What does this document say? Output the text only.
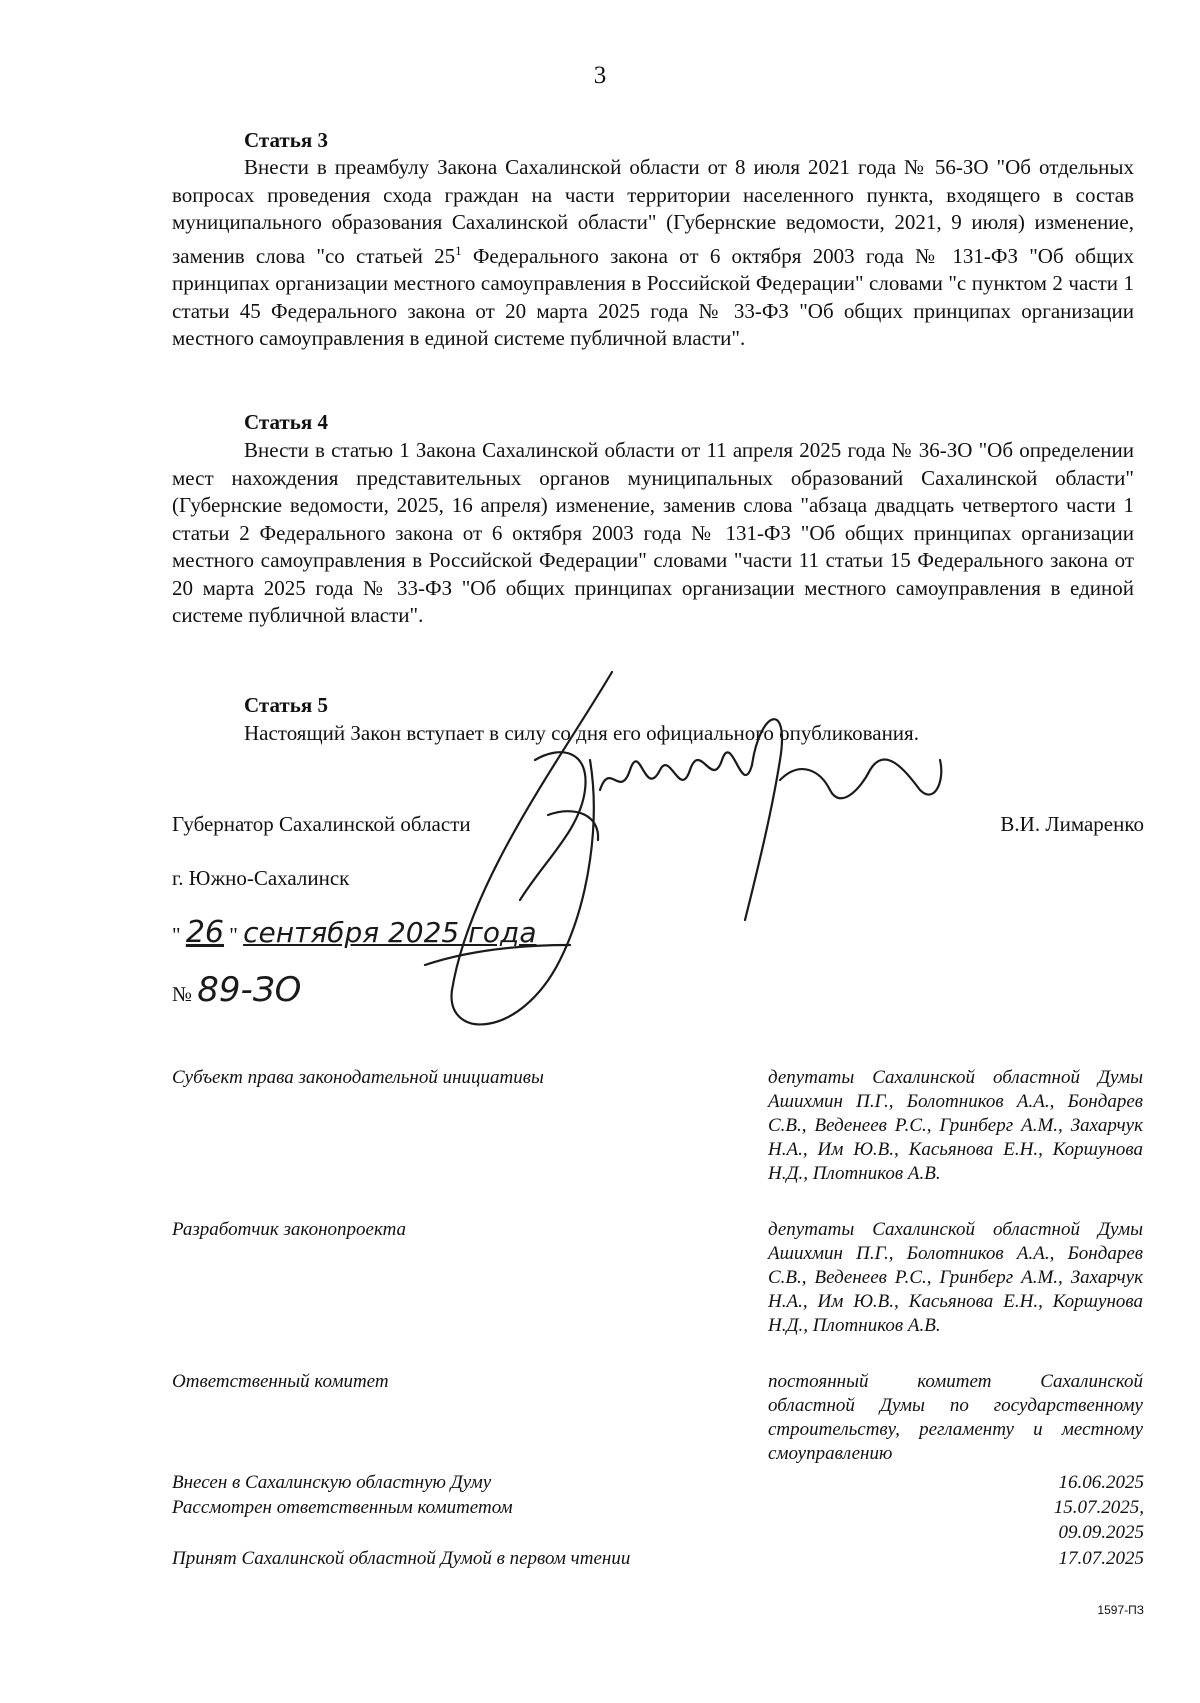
3
Статья 3

Внести в преамбулу Закона Сахалинской области от 8 июля 2021 года № 56-ЗО "Об отдельных вопросах проведения схода граждан на части территории населенного пункта, входящего в состав муниципального образования Сахалинской области" (Губернские ведомости, 2021, 9 июля) изменение, заменив слова "со статьей $25^1$ Федерального закона от 6 октября 2003 года № 131-ФЗ "Об общих принципах организации местного самоуправления в Российской Федерации" словами "с пунктом 2 части 1 статьи 45 Федерального закона от 20 марта 2025 года № 33-ФЗ "Об общих принципах организации местного самоуправления в единой системе публичной власти".

Статья 4

Внести в статью 1 Закона Сахалинской области от 11 апреля 2025 года № 36-ЗО "Об определении мест нахождения представительных органов муниципальных образований Сахалинской области" (Губернские ведомости, 2025, 16 апреля) изменение, заменив слова "абзаца двадцать четвертого части 1 статьи 2 Федерального закона от 6 октября 2003 года № 131-ФЗ "Об общих принципах организации местного самоуправления в Российской Федерации" словами "части 11 статьи 15 Федерального закона от 20 марта 2025 года № 33-ФЗ "Об общих принципах организации местного самоуправления в единой системе публичной власти".

Статья 5

Настоящий Закон вступает в силу со дня его официального опубликования.

Губернатор Сахалинской области	В.И. Лимаренко
г. Южно-Сахалинск
" 26 " сентября 2025 года
№ 89-ЗО
Субъект права законодательной инициативы	депутаты Сахалинской областной Думы Ашихмин П.Г., Болотников А.А., Бондарев С.В., Веденеев Р.С., Гринберг А.М., Захарчук Н.А., Им Ю.В., Касьянова Е.Н., Коршунова Н.Д., Плотников А.В.

Разработчик законопроекта	депутаты Сахалинской областной Думы Ашихмин П.Г., Болотников А.А., Бондарев С.В., Веденеев Р.С., Гринберг А.М., Захарчук Н.А., Им Ю.В., Касьянова Е.Н., Коршунова Н.Д., Плотников А.В.

Ответственный комитет	постоянный комитет Сахалинской областной Думы по государственному строительству, регламенту и местному смоуправлению

Внесен в Сахалинскую областную Думу	16.06.2025
Рассмотрен ответственным комитетом	15.07.2025,
09.09.2025
Принят Сахалинской областной Думой в первом чтении	17.07.2025
1597-ПЗ
